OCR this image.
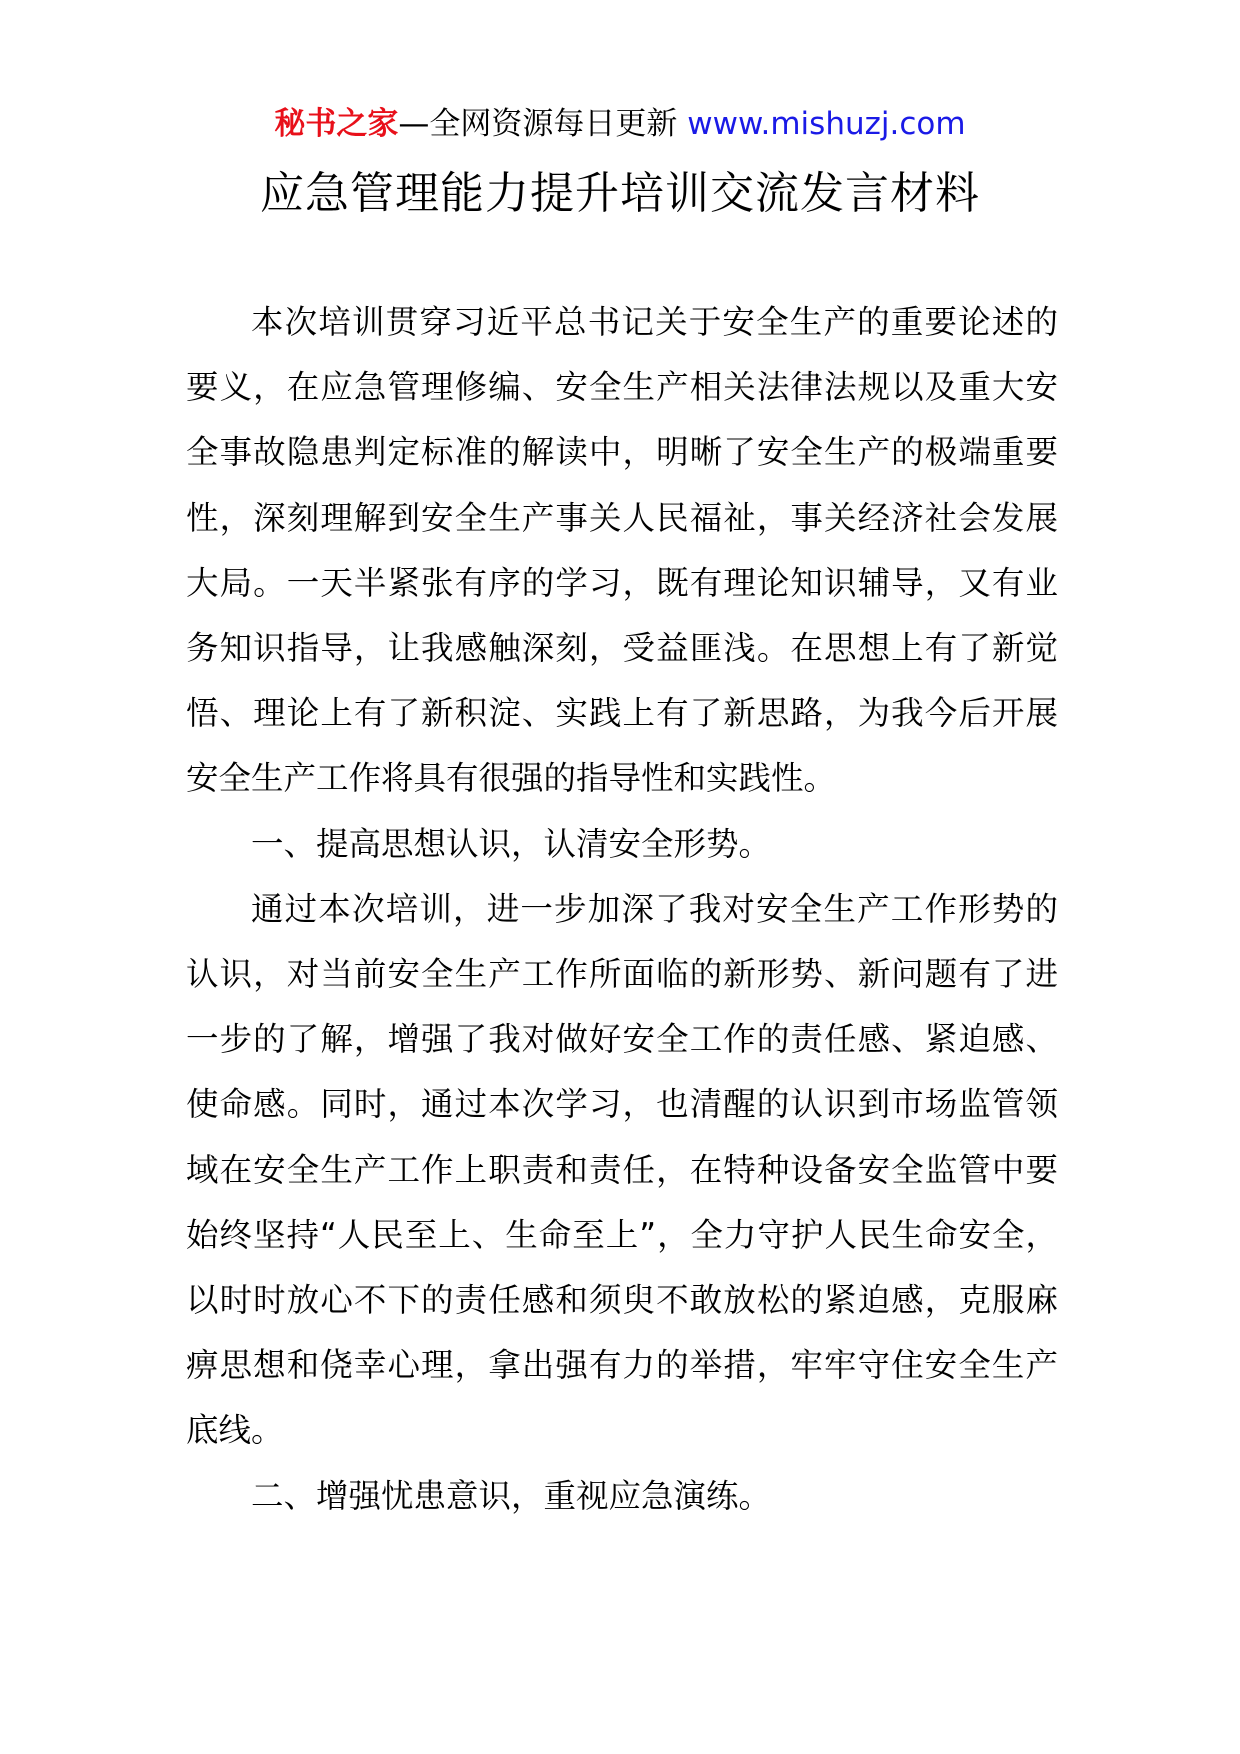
秘书之家—全网资源每日更新 www.mishuzj.com
应急管理能力提升培训交流发言材料

本次培训贯穿习近平总书记关于安全生产的重要论述的要义，在应急管理修编、安全生产相关法律法规以及重大安全事故隐患判定标准的解读中，明晰了安全生产的极端重要性，深刻理解到安全生产事关人民福祉，事关经济社会发展大局。一天半紧张有序的学习，既有理论知识辅导，又有业务知识指导，让我感触深刻，受益匪浅。在思想上有了新觉悟、理论上有了新积淀、实践上有了新思路，为我今后开展安全生产工作将具有很强的指导性和实践性。

一、提高思想认识，认清安全形势。

通过本次培训，进一步加深了我对安全生产工作形势的认识，对当前安全生产工作所面临的新形势、新问题有了进一步的了解，增强了我对做好安全工作的责任感、紧迫感、使命感。同时，通过本次学习，也清醒的认识到市场监管领域在安全生产工作上职责和责任，在特种设备安全监管中要始终坚持“人民至上、生命至上”，全力守护人民生命安全，以时时放心不下的责任感和须臾不敢放松的紧迫感，克服麻痹思想和侥幸心理，拿出强有力的举措，牢牢守住安全生产底线。

二、增强忧患意识，重视应急演练。
